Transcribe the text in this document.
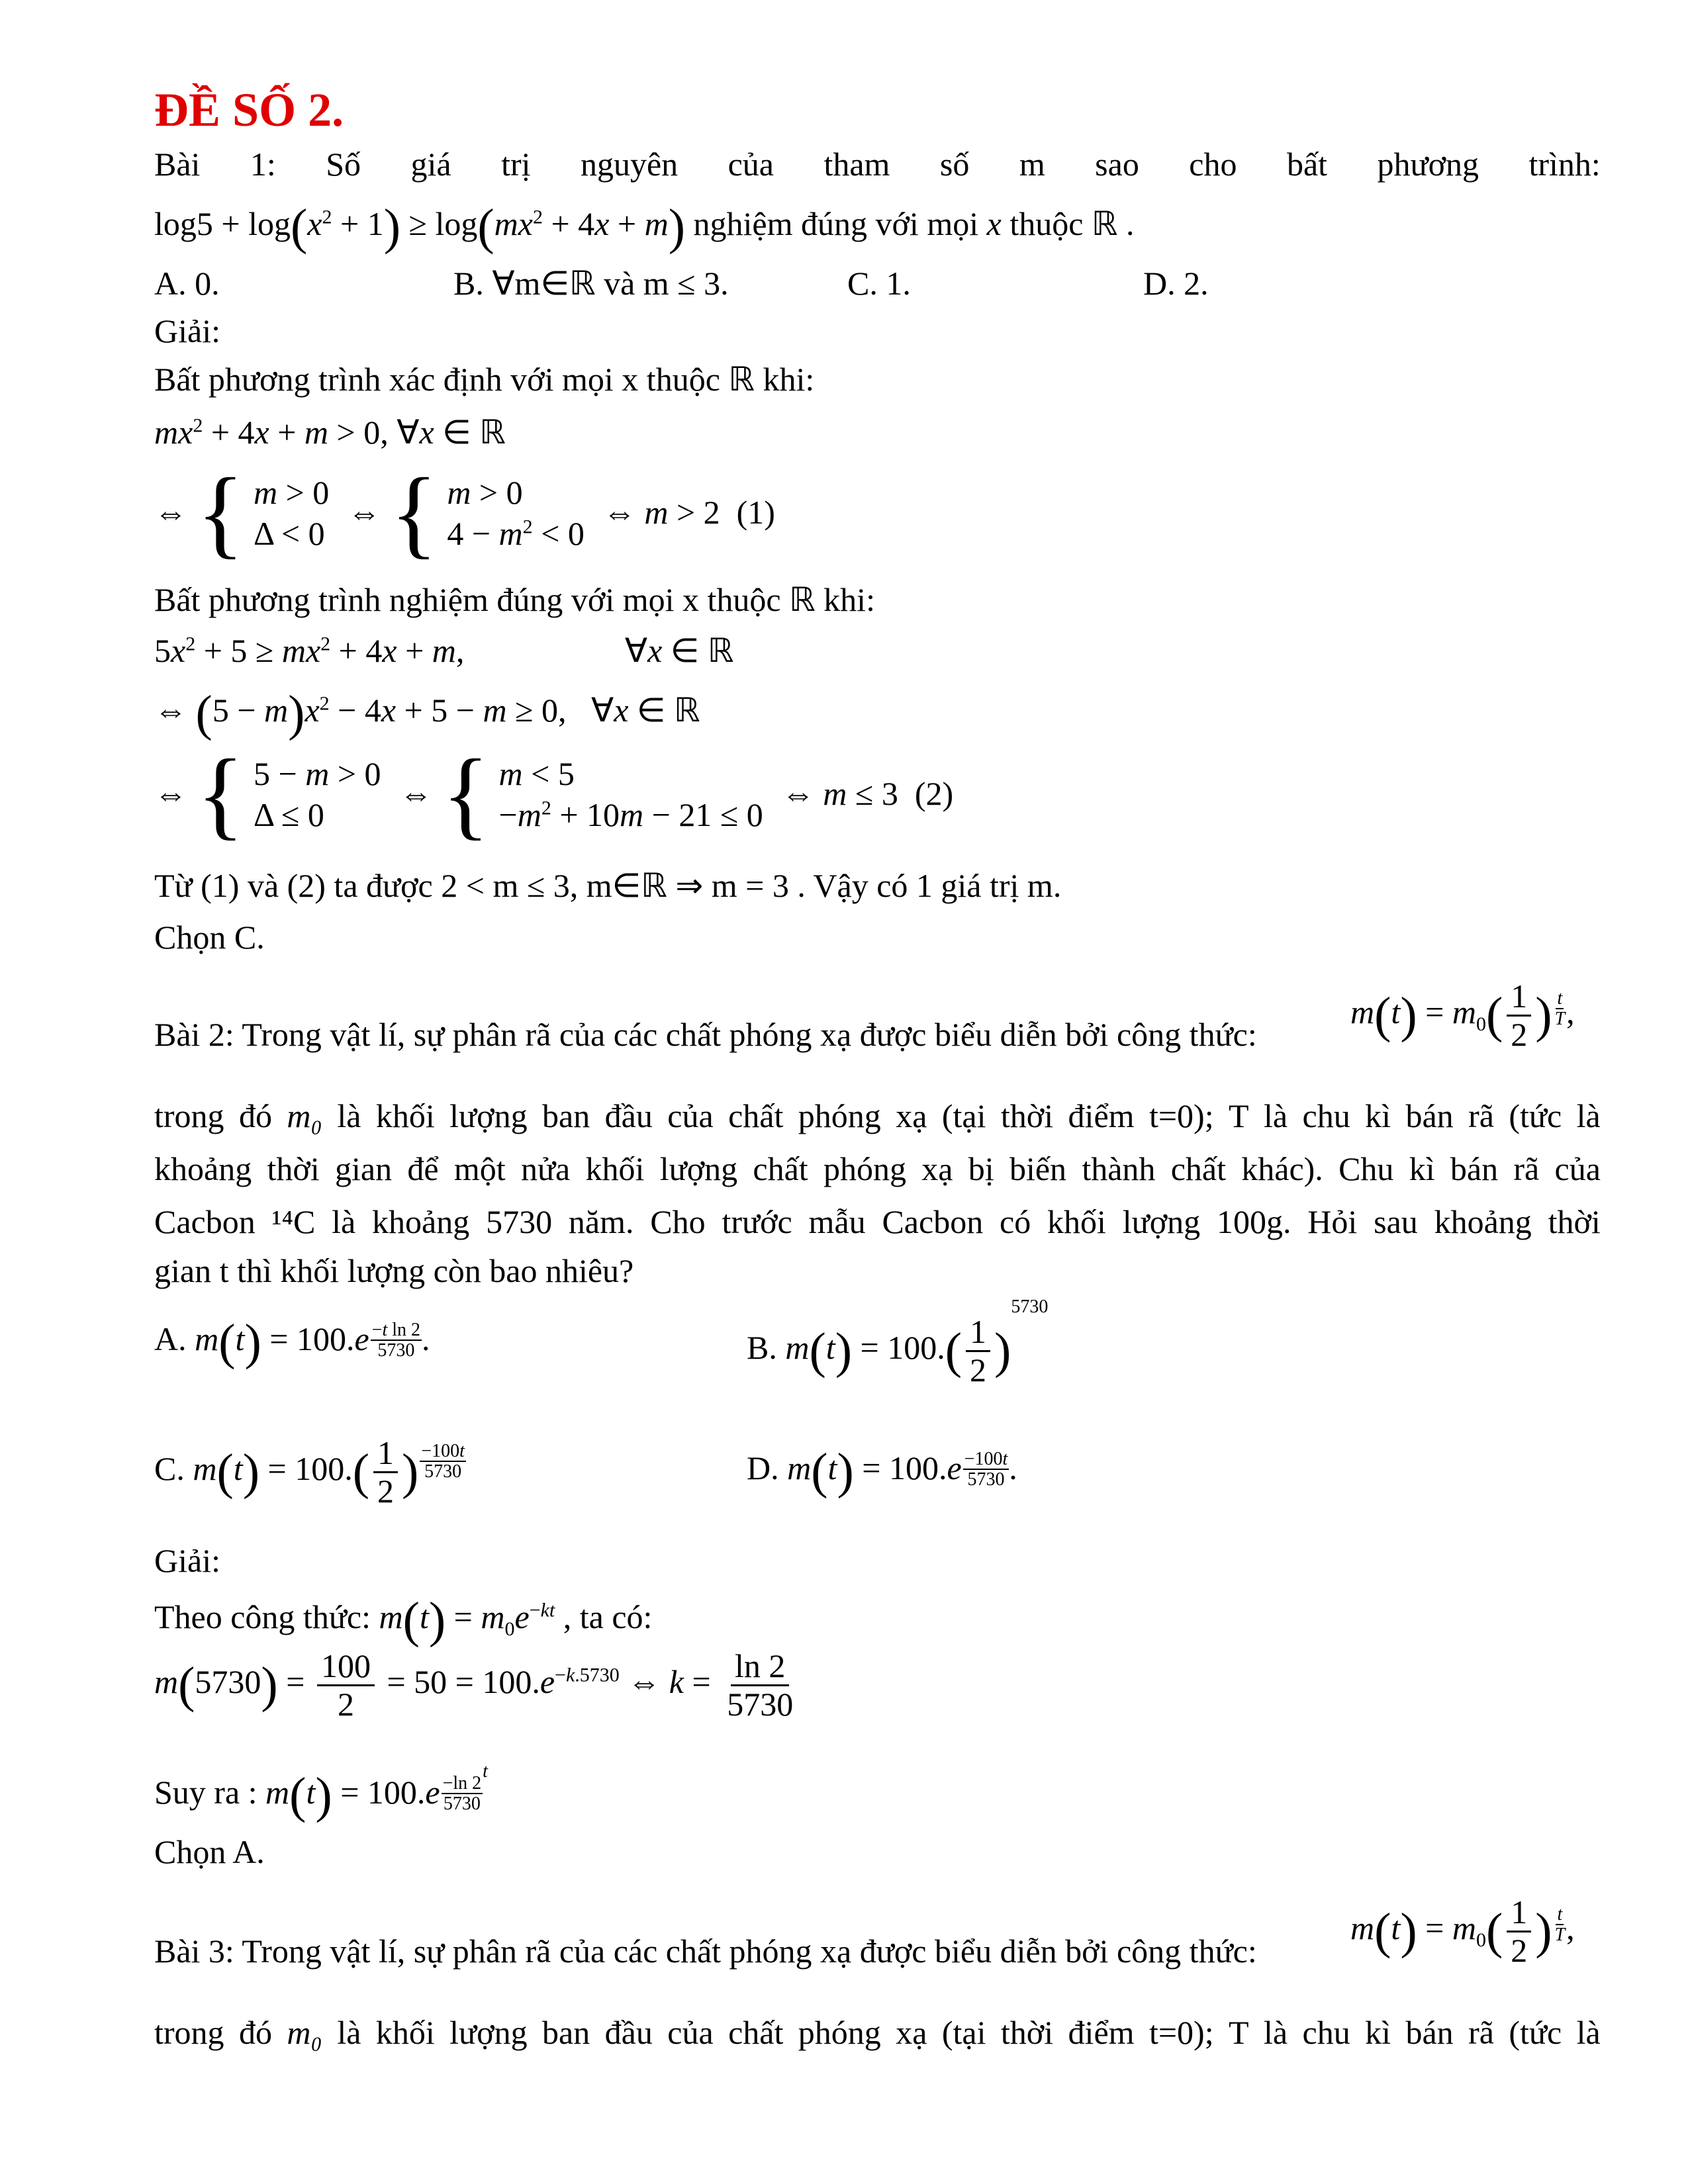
ĐỀ SỐ 2.
Bài 1: Số giá trị nguyên của tham số m sao cho bất phương trình:
$\log 5 + \log(x^2 + 1) \ge \log(mx^2 + 4x + m)$ nghiệm đúng với mọi x thuộc ℝ .
A. 0.	B. ∀m∈ℝ và m ≤ 3.	C. 1.	D. 2.
Giải:
Bất phương trình xác định với mọi x thuộc ℝ khi:
$mx^2 + 4x + m > 0$, ∀x ∈ ℝ
⇔ { m > 0
Δ < 0
⇔ { m > 0
$4 - m^2 < 0$
⇔ m > 2  (1)
Bất phương trình nghiệm đúng với mọi x thuộc ℝ khi:
$5x^2 + 5 \ge mx^2 + 4x + m$,	∀x ∈ ℝ
⇔ $(5 - m)x^2 - 4x + 5 - m \ge 0$,   ∀x ∈ ℝ
⇔ { 5 − m > 0
Δ ≤ 0
⇔ { m < 5
$-m^2 + 10m - 21 \le 0$
⇔ m ≤ 3  (2)
Từ (1) và (2) ta được 2 < m ≤ 3, m∈ℝ ⇒ m = 3 . Vậy có 1 giá trị m.
Chọn C.
Bài 2: Trong vật lí, sự phân rã của các chất phóng xạ được biểu diễn bởi công thức:
$m(t) = m_0( \frac{1}{2}$ ) $\frac{t}{T}$ ,
trong đó m₀ là khối lượng ban đầu của chất phóng xạ (tại thời điểm t=0); T là chu kì bán rã (tức là
khoảng thời gian để một nửa khối lượng chất phóng xạ bị biến thành chất khác). Chu kì bán rã của
Cacbon ¹⁴C là khoảng 5730 năm. Cho trước mẫu Cacbon có khối lượng 100g. Hỏi sau khoảng thời
gian t thì khối lượng còn bao nhiêu?
A. $m(t) = 100.e \frac{\text{−t ln 2}}{5730}$ .	B. $m(t) = 100.( \frac{1}{2} )^{5730}$
C. $m(t) = 100.( \frac{1}{2}$ ) $\frac{-100t}{5730}$	D. $m(t) = 100.e \frac{-100t}{5730}$ .
Giải:
Theo công thức: $m(t) = m_0e^{-kt}$ , ta có:
$m(5730) = \frac{100}{2} = 50 = 100.e^{-k.5730}$ ⇔ $k = \frac{\ln 2}{5730}$
Suy ra : $m(t) = 100.e \frac{-\ln 2}{5730}$
$^t$
Chọn A.
Bài 3: Trong vật lí, sự phân rã của các chất phóng xạ được biểu diễn bởi công thức:
$m(t) = m_0( \frac{1}{2}$ ) $\frac{t}{T}$ ,
trong đó m₀ là khối lượng ban đầu của chất phóng xạ (tại thời điểm t=0); T là chu kì bán rã (tức là
